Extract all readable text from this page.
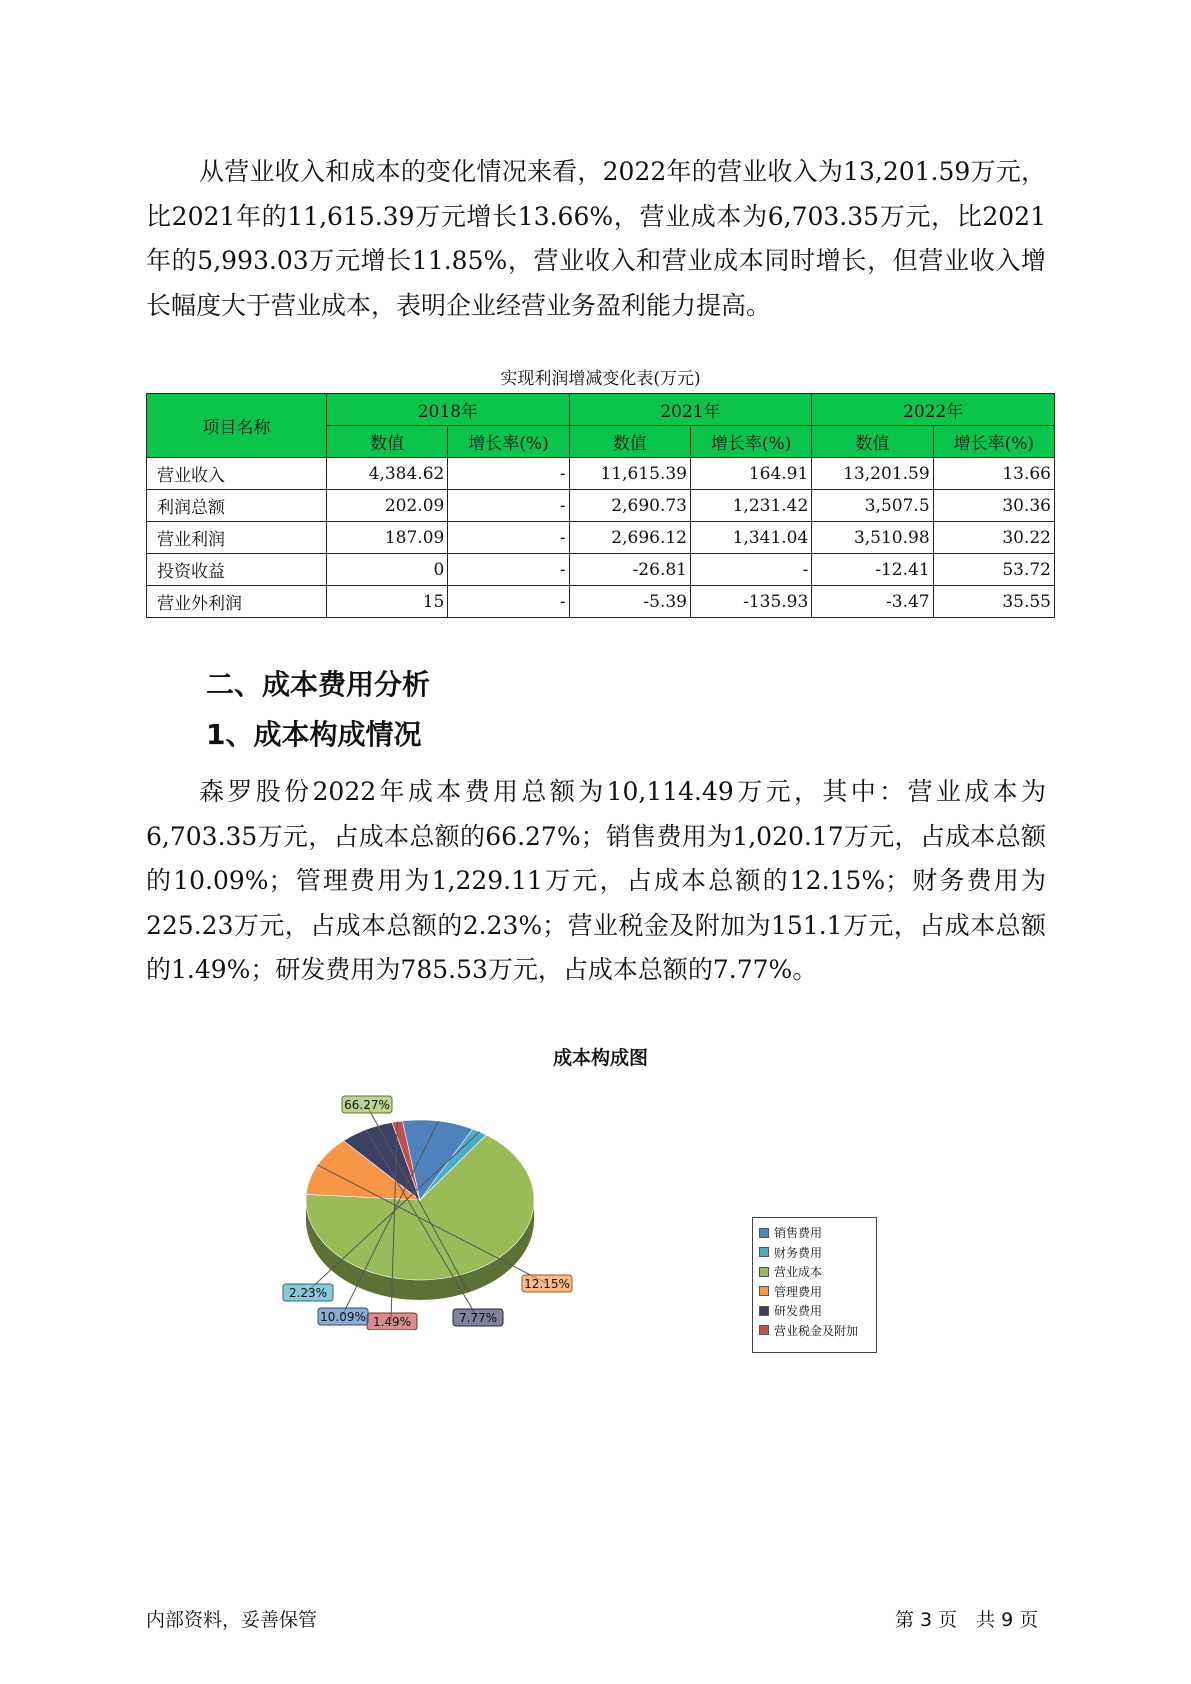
从营业收入和成本的变化情况来看，2022年的营业收入为13,201.59万元，比2021年的11,615.39万元增长13.66%，营业成本为6,703.35万元，比2021年的5,993.03万元增长11.85%，营业收入和营业成本同时增长，但营业收入增长幅度大于营业成本，表明企业经营业务盈利能力提高。

实现利润增减变化表(万元)
项目名称	2018年		2021年		2022年	
	数值	增长率(%)	数值	增长率(%)	数值	增长率(%)
营业收入	4,384.62	-	11,615.39	164.91	13,201.59	13.66
利润总额	202.09	-	2,690.73	1,231.42	3,507.5	30.36
营业利润	187.09	-	2,696.12	1,341.04	3,510.98	30.22
投资收益	0	-	-26.81	-	-12.41	53.72
营业外利润	15	-	-5.39	-135.93	-3.47	35.55
二、成本费用分析
1、成本构成情况

森罗股份2022年成本费用总额为10,114.49万元，其中：营业成本为6,703.35万元，占成本总额的66.27%；销售费用为1,020.17万元，占成本总额的10.09%；管理费用为1,229.11万元，占成本总额的12.15%；财务费用为225.23万元，占成本总额的2.23%；营业税金及附加为151.1万元，占成本总额的1.49%；研发费用为785.53万元，占成本总额的7.77%。

成本构成图
66.27%
12.15%
7.77%
1.49%
10.09%
2.23%
销售费用
财务费用
营业成本
管理费用
研发费用
营业税金及附加
内部资料，妥善保管	第 3 页　共 9 页
